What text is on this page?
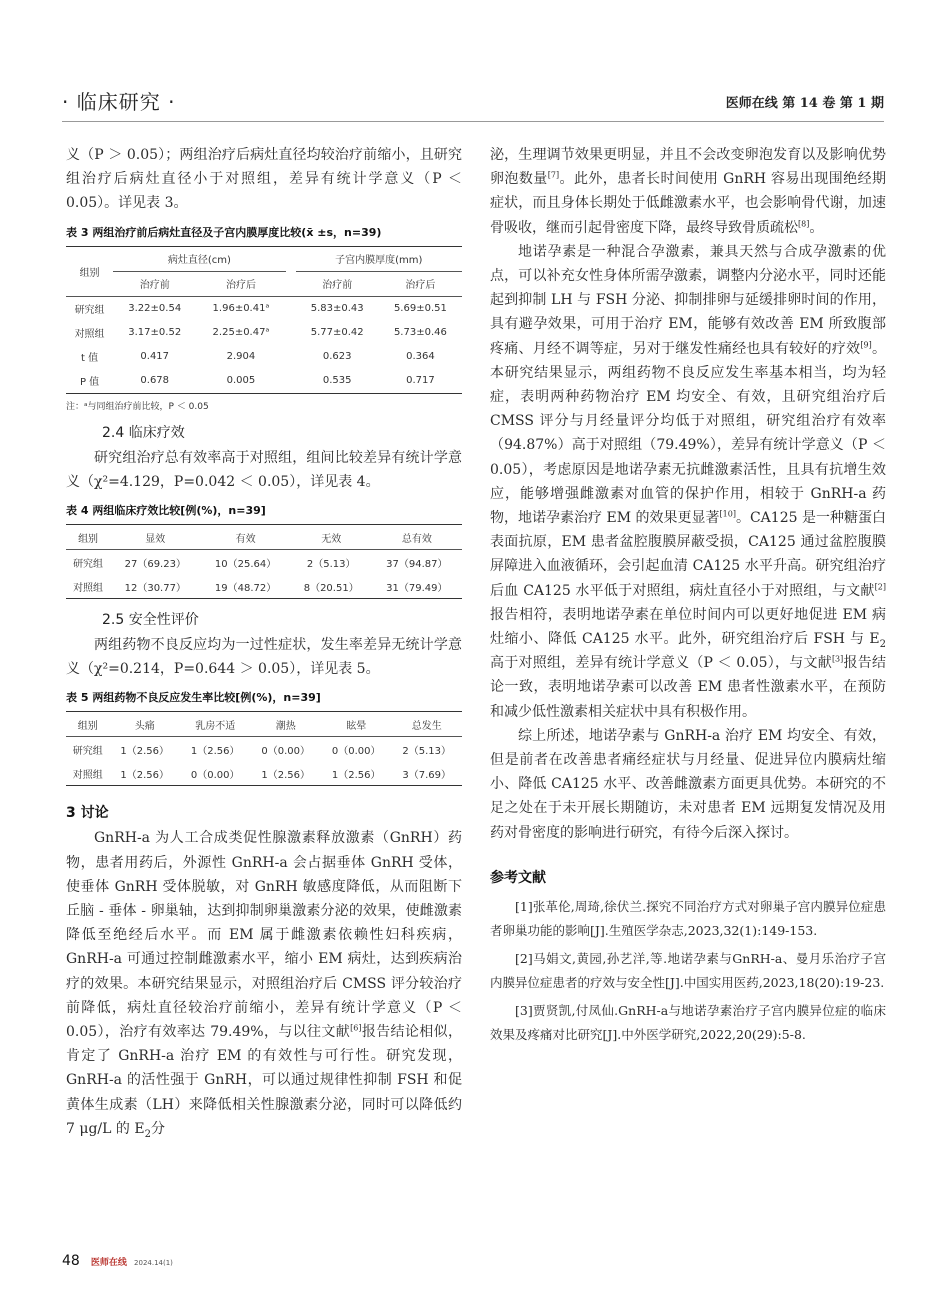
· 临床研究 ·	医师在线 第 14 卷 第 1 期

义（P ＞ 0.05）；两组治疗后病灶直径均较治疗前缩小，且研究组治疗后病灶直径小于对照组，差异有统计学意义（P ＜ 0.05）。详见表 3。

表 3 两组治疗前后病灶直径及子宫内膜厚度比较(x̄ ±s，n=39)
组别	病灶直径(cm)			子宫内膜厚度(mm)	
	治疗前	治疗后		治疗前	治疗后
研究组	3.22±0.54	1.96±0.41ᵃ		5.83±0.43	5.69±0.51
对照组	3.17±0.52	2.25±0.47ᵃ		5.77±0.42	5.73±0.46
t 值	0.417	2.904		0.623	0.364
P 值	0.678	0.005		0.535	0.717
注：ᵃ与同组治疗前比较，P ＜ 0.05
2.4 临床疗效

研究组治疗总有效率高于对照组，组间比较差异有统计学意义（χ²=4.129，P=0.042 ＜ 0.05），详见表 4。

表 4 两组临床疗效比较[例(%)，n=39]
组别	显效	有效	无效	总有效
研究组	27（69.23）	10（25.64）	2（5.13）	37（94.87）
对照组	12（30.77）	19（48.72）	8（20.51）	31（79.49）
2.5 安全性评价

两组药物不良反应均为一过性症状，发生率差异无统计学意义（χ²=0.214，P=0.644 ＞ 0.05），详见表 5。

表 5 两组药物不良反应发生率比较[例(%)，n=39]
组别	头痛	乳房不适	潮热	眩晕	总发生
研究组	1（2.56）	1（2.56）	0（0.00）	0（0.00）	2（5.13）
对照组	1（2.56）	0（0.00）	1（2.56）	1（2.56）	3（7.69）
3 讨论

GnRH-a 为人工合成类促性腺激素释放激素（GnRH）药物，患者用药后，外源性 GnRH-a 会占据垂体 GnRH 受体，使垂体 GnRH 受体脱敏，对 GnRH 敏感度降低，从而阻断下丘脑 - 垂体 - 卵巢轴，达到抑制卵巢激素分泌的效果，使雌激素降低至绝经后水平。而 EM 属于雌激素依赖性妇科疾病，GnRH-a 可通过控制雌激素水平，缩小 EM 病灶，达到疾病治疗的效果。本研究结果显示，对照组治疗后 CMSS 评分较治疗前降低，病灶直径较治疗前缩小，差异有统计学意义（P ＜ 0.05），治疗有效率达 79.49%，与以往文献[6]报告结论相似，肯定了 GnRH-a 治疗 EM 的有效性与可行性。研究发现，GnRH-a 的活性强于 GnRH，可以通过规律性抑制 FSH 和促黄体生成素（LH）来降低相关性腺激素分泌，同时可以降低约 7 μg/L 的 $E_2$分

泌，生理调节效果更明显，并且不会改变卵泡发育以及影响优势卵泡数量[7]。此外，患者长时间使用 GnRH 容易出现围绝经期症状，而且身体长期处于低雌激素水平，也会影响骨代谢，加速骨吸收，继而引起骨密度下降，最终导致骨质疏松[8]。

地诺孕素是一种混合孕激素，兼具天然与合成孕激素的优点，可以补充女性身体所需孕激素，调整内分泌水平，同时还能起到抑制 LH 与 FSH 分泌、抑制排卵与延缓排卵时间的作用，具有避孕效果，可用于治疗 EM，能够有效改善 EM 所致腹部疼痛、月经不调等症，另对于继发性痛经也具有较好的疗效[9]。本研究结果显示，两组药物不良反应发生率基本相当，均为轻症，表明两种药物治疗 EM 均安全、有效，且研究组治疗后 CMSS 评分与月经量评分均低于对照组，研究组治疗有效率（94.87%）高于对照组（79.49%），差异有统计学意义（P ＜ 0.05），考虑原因是地诺孕素无抗雌激素活性，且具有抗增生效应，能够增强雌激素对血管的保护作用，相较于 GnRH-a 药物，地诺孕素治疗 EM 的效果更显著[10]。CA125 是一种糖蛋白表面抗原，EM 患者盆腔腹膜屏蔽受损，CA125 通过盆腔腹膜屏障进入血液循环，会引起血清 CA125 水平升高。研究组治疗后血 CA125 水平低于对照组，病灶直径小于对照组，与文献[2]报告相符，表明地诺孕素在单位时间内可以更好地促进 EM 病灶缩小、降低 CA125 水平。此外，研究组治疗后 FSH 与 $E_2$高于对照组，差异有统计学意义（P ＜ 0.05），与文献[3]报告结论一致，表明地诺孕素可以改善 EM 患者性激素水平，在预防和减少低性激素相关症状中具有积极作用。

综上所述，地诺孕素与 GnRH-a 治疗 EM 均安全、有效，但是前者在改善患者痛经症状与月经量、促进异位内膜病灶缩小、降低 CA125 水平、改善雌激素方面更具优势。本研究的不足之处在于未开展长期随访，未对患者 EM 远期复发情况及用药对骨密度的影响进行研究，有待今后深入探讨。

参考文献
[1]张革伦,周琦,徐伏兰.探究不同治疗方式对卵巢子宫内膜异位症患者卵巢功能的影响[J].生殖医学杂志,2023,32(1):149-153.
[2]马娟文,黄园,孙艺洋,等.地诺孕素与GnRH-a、曼月乐治疗子宫内膜异位症患者的疗效与安全性[J].中国实用医药,2023,18(20):19-23.
[3]贾贤凯,付凤仙.GnRH-a与地诺孕素治疗子宫内膜异位症的临床效果及疼痛对比研究[J].中外医学研究,2022,20(29):5-8.
48 医师在线 2024.14(1)
